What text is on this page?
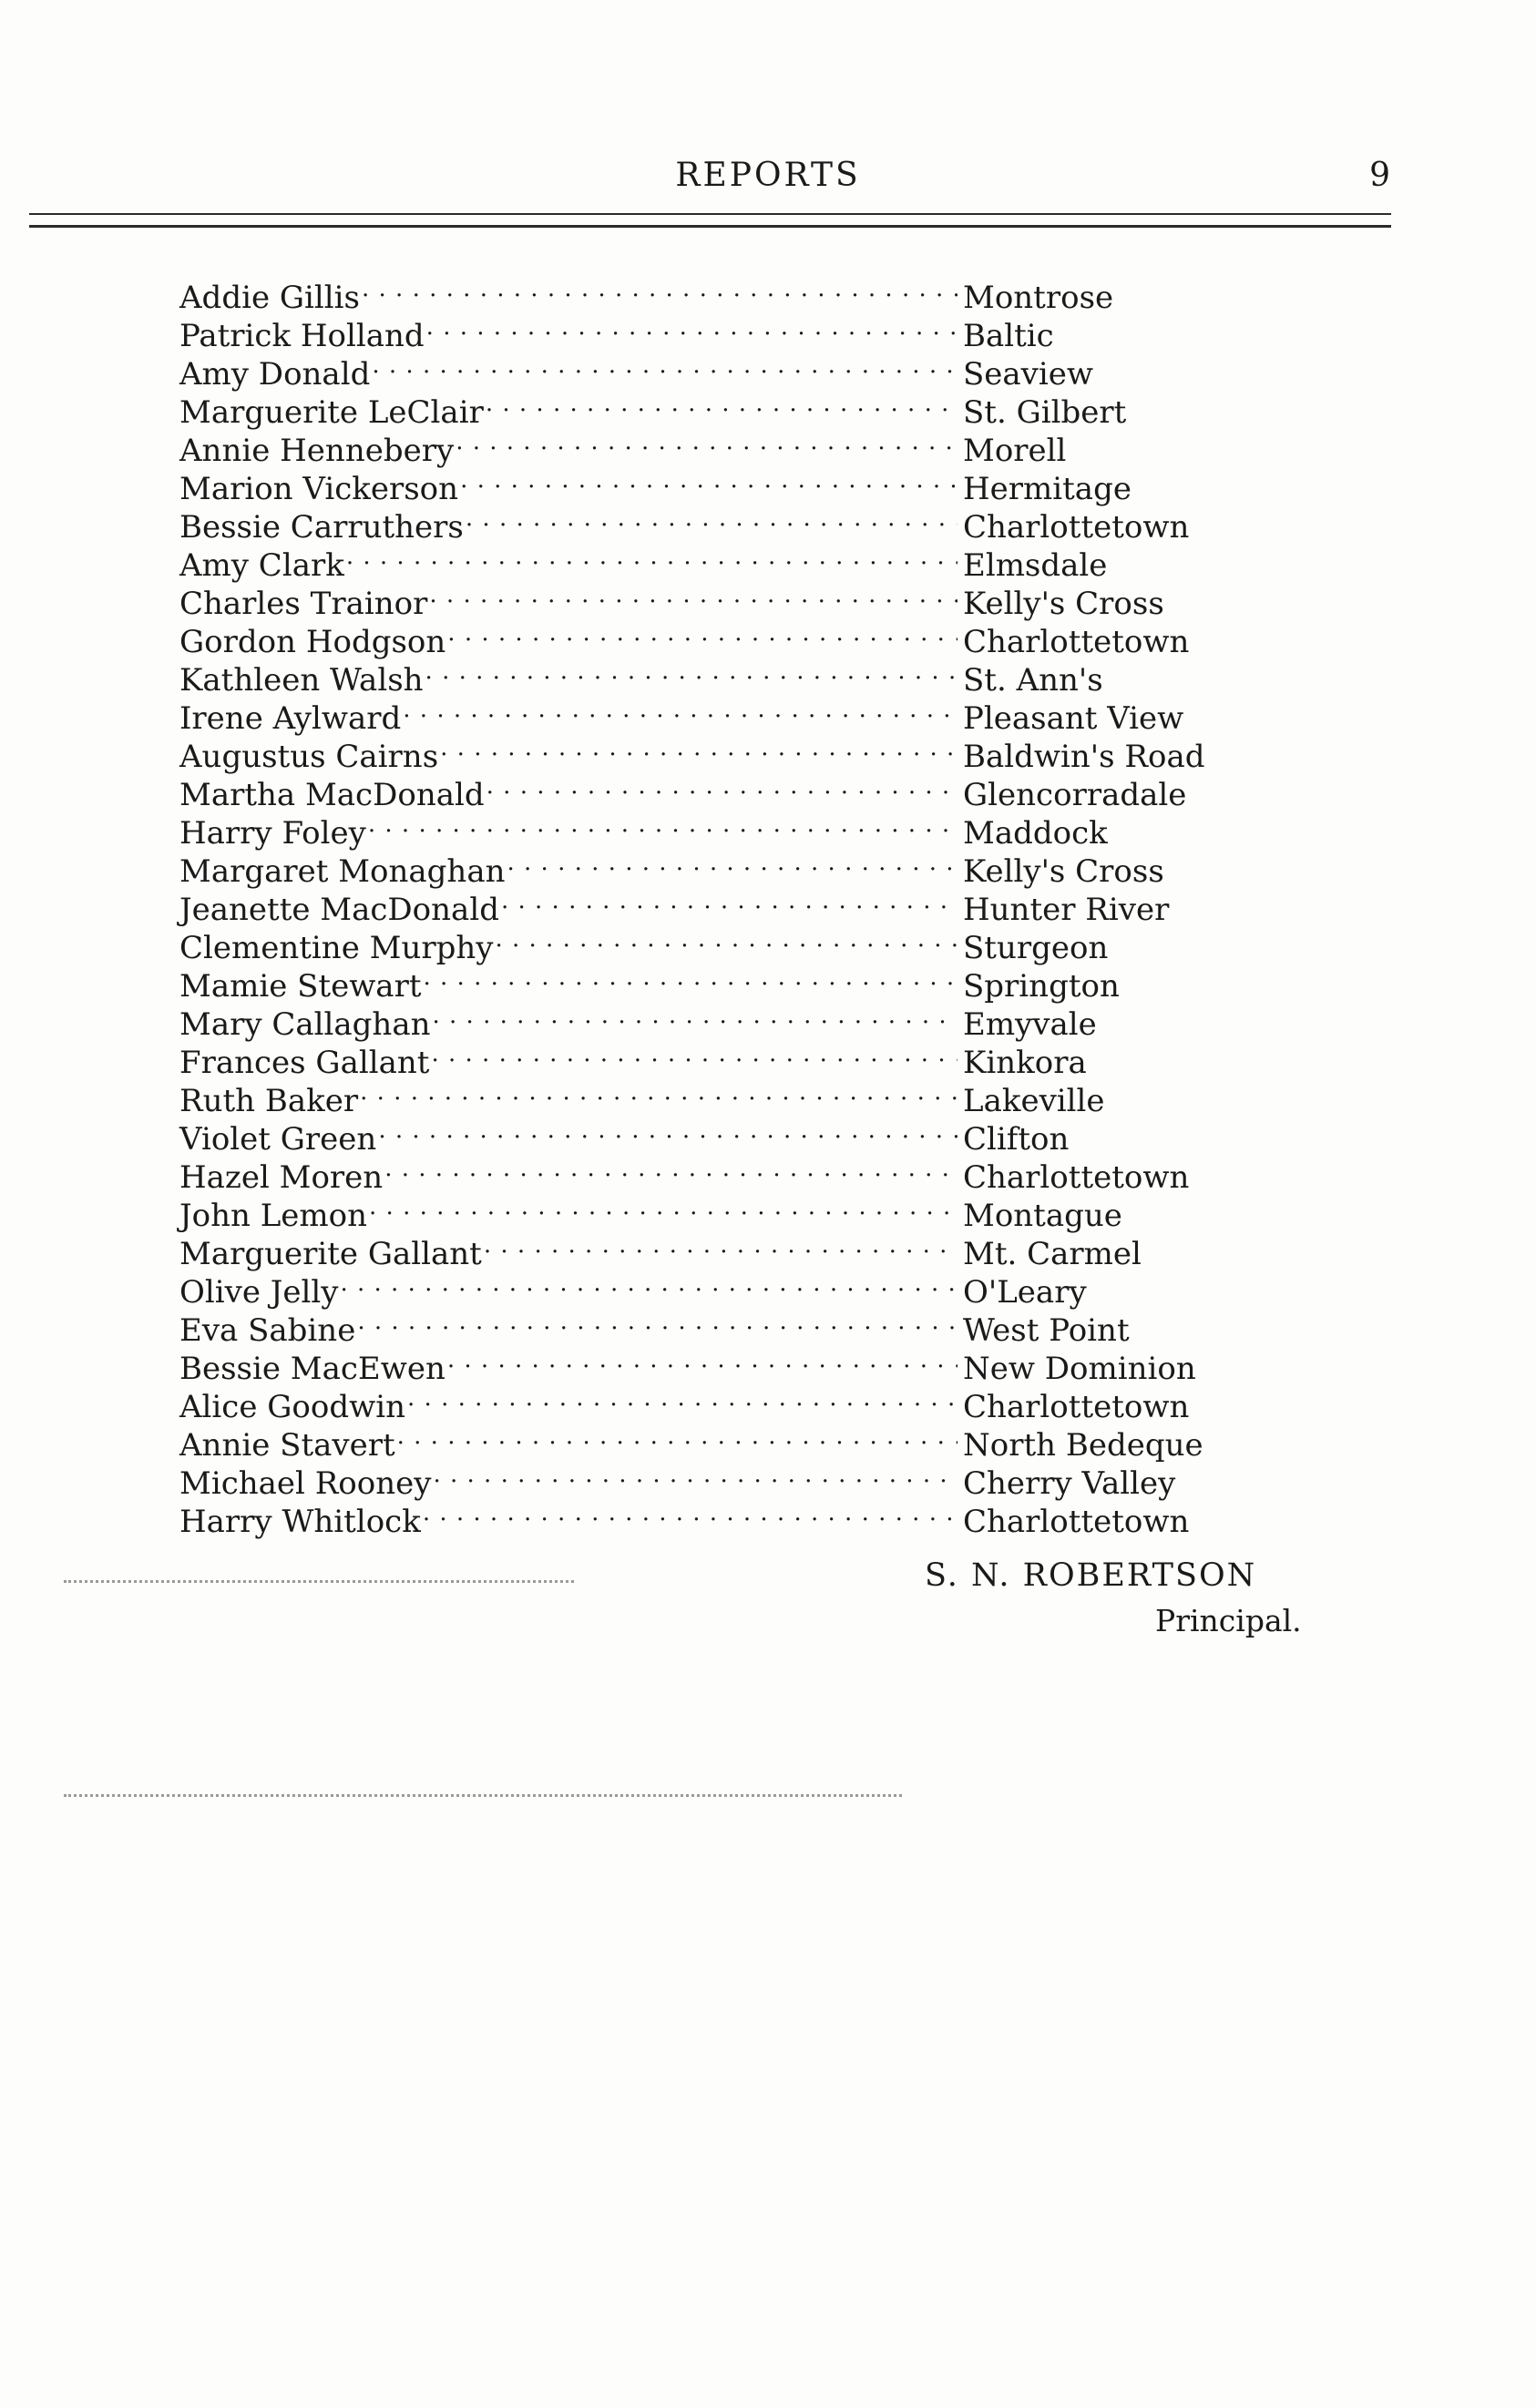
REPORTS	9
Addie Gillis . . .	Montrose
Patrick Holland . . .	Baltic
Amy Donald . . .	Seaview
Marguerite LeClair . . .	St. Gilbert
Annie Hennebery . . .	Morell
Marion Vickerson . . .	Hermitage
Bessie Carruthers . . .	Charlottetown
Amy Clark . . .	Elmsdale
Charles Trainor . . .	Kelly's Cross
Gordon Hodgson . . .	Charlottetown
Kathleen Walsh . . .	St. Ann's
Irene Aylward . . .	Pleasant View
Augustus Cairns . . .	Baldwin's Road
Martha MacDonald . . .	Glencorradale
Harry Foley . . .	Maddock
Margaret Monaghan . . .	Kelly's Cross
Jeanette MacDonald . . .	Hunter River
Clementine Murphy . . .	Sturgeon
Mamie Stewart . . .	Springton
Mary Callaghan . . .	Emyvale
Frances Gallant . . .	Kinkora
Ruth Baker . . .	Lakeville
Violet Green . . .	Clifton
Hazel Moren . . .	Charlottetown
John Lemon . . .	Montague
Marguerite Gallant . . .	Mt. Carmel
Olive Jelly . . .	O'Leary
Eva Sabine . . .	West Point
Bessie MacEwen . . .	New Dominion
Alice Goodwin . . .	Charlottetown
Annie Stavert . . .	North Bedeque
Michael Rooney . . .	Cherry Valley
Harry Whitlock . . .	Charlottetown
S. N. ROBERTSON
Principal.
